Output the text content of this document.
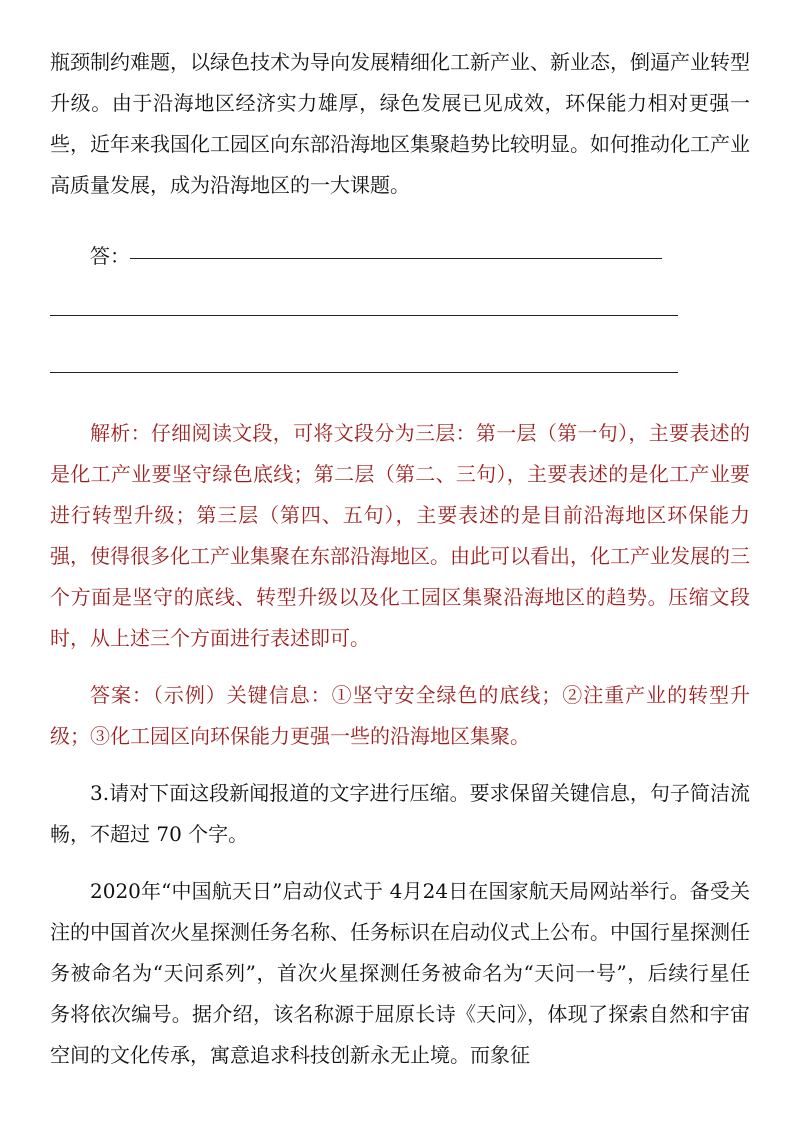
瓶颈制约难题，以绿色技术为导向发展精细化工新产业、新业态，倒逼产业转型升级。由于沿海地区经济实力雄厚，绿色发展已见成效，环保能力相对更强一些，近年来我国化工园区向东部沿海地区集聚趋势比较明显。如何推动化工产业高质量发展，成为沿海地区的一大课题。

答：

解析：仔细阅读文段，可将文段分为三层：第一层（第一句），主要表述的是化工产业要坚守绿色底线；第二层（第二、三句），主要表述的是化工产业要进行转型升级；第三层（第四、五句），主要表述的是目前沿海地区环保能力强，使得很多化工产业集聚在东部沿海地区。由此可以看出，化工产业发展的三个方面是坚守的底线、转型升级以及化工园区集聚沿海地区的趋势。压缩文段时，从上述三个方面进行表述即可。

答案：（示例）关键信息：①坚守安全绿色的底线；②注重产业的转型升级；③化工园区向环保能力更强一些的沿海地区集聚。

3.请对下面这段新闻报道的文字进行压缩。要求保留关键信息，句子简洁流畅，不超过 70 个字。

2020年“中国航天日”启动仪式于 4月24日在国家航天局网站举行。备受关注的中国首次火星探测任务名称、任务标识在启动仪式上公布。中国行星探测任务被命名为“天问系列”，首次火星探测任务被命名为“天问一号”，后续行星任务将依次编号。据介绍，该名称源于屈原长诗《天问》，体现了探索自然和宇宙空间的文化传承，寓意追求科技创新永无止境。而象征
